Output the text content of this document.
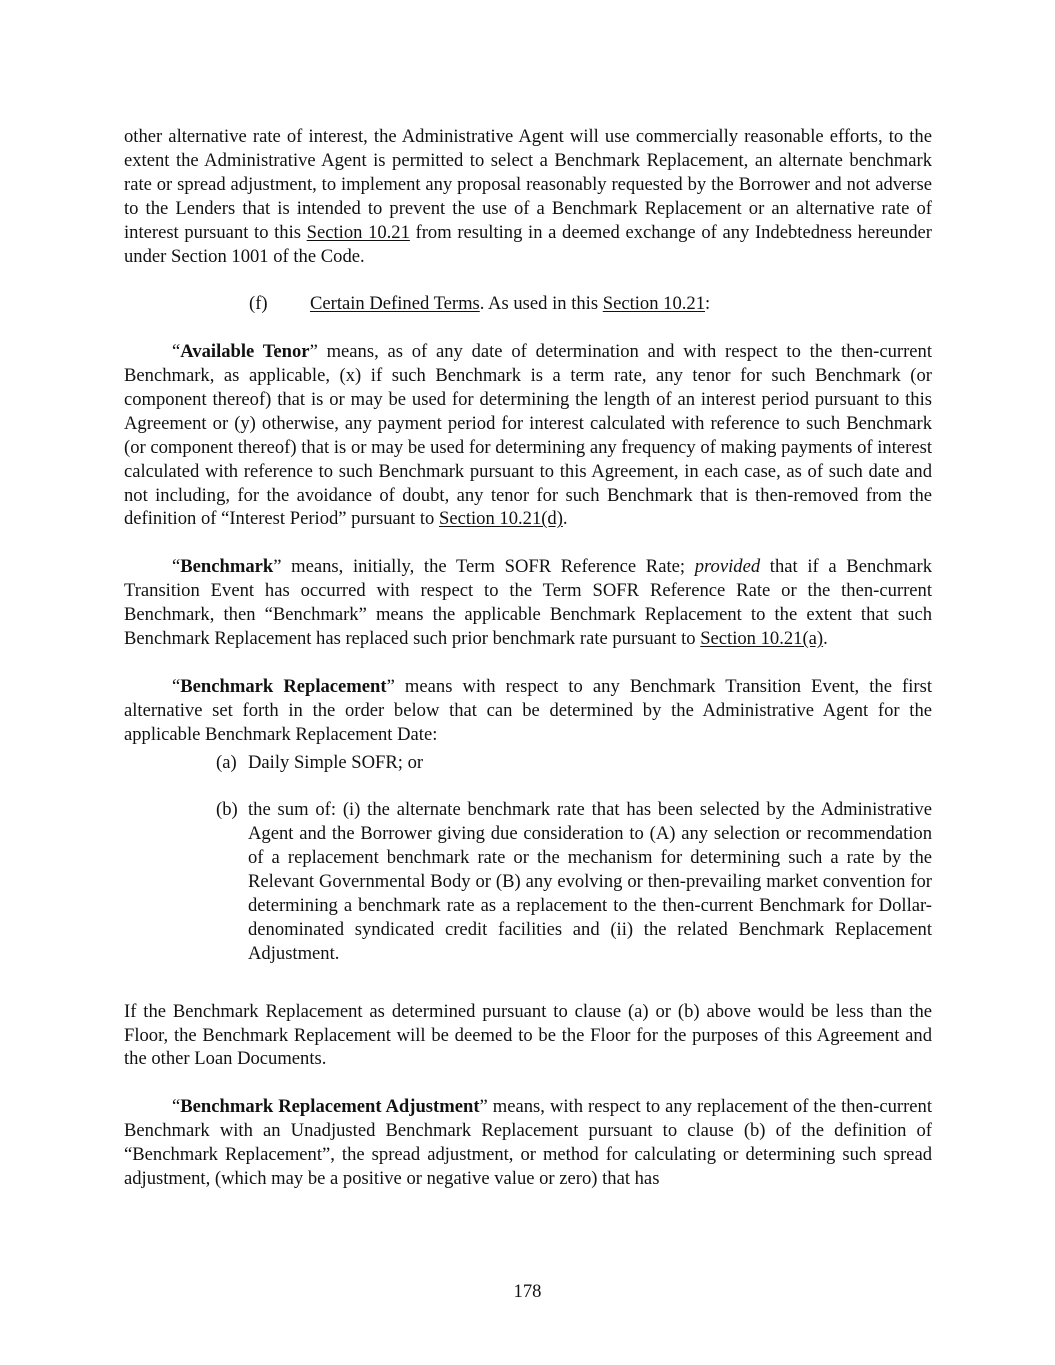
other alternative rate of interest, the Administrative Agent will use commercially reasonable efforts, to the extent the Administrative Agent is permitted to select a Benchmark Replacement, an alternate benchmark rate or spread adjustment, to implement any proposal reasonably requested by the Borrower and not adverse to the Lenders that is intended to prevent the use of a Benchmark Replacement or an alternative rate of interest pursuant to this Section 10.21 from resulting in a deemed exchange of any Indebtedness hereunder under Section 1001 of the Code.

(f) Certain Defined Terms. As used in this Section 10.21:

“Available Tenor” means, as of any date of determination and with respect to the then-current Benchmark, as applicable, (x) if such Benchmark is a term rate, any tenor for such Benchmark (or component thereof) that is or may be used for determining the length of an interest period pursuant to this Agreement or (y) otherwise, any payment period for interest calculated with reference to such Benchmark (or component thereof) that is or may be used for determining any frequency of making payments of interest calculated with reference to such Benchmark pursuant to this Agreement, in each case, as of such date and not including, for the avoidance of doubt, any tenor for such Benchmark that is then-removed from the definition of “Interest Period” pursuant to Section 10.21(d).

“Benchmark” means, initially, the Term SOFR Reference Rate; provided that if a Benchmark Transition Event has occurred with respect to the Term SOFR Reference Rate or the then-current Benchmark, then “Benchmark” means the applicable Benchmark Replacement to the extent that such Benchmark Replacement has replaced such prior benchmark rate pursuant to Section 10.21(a).

“Benchmark Replacement” means with respect to any Benchmark Transition Event, the first alternative set forth in the order below that can be determined by the Administrative Agent for the applicable Benchmark Replacement Date:

(a) Daily Simple SOFR; or
(b) the sum of: (i) the alternate benchmark rate that has been selected by the Administrative Agent and the Borrower giving due consideration to (A) any selection or recommendation of a replacement benchmark rate or the mechanism for determining such a rate by the Relevant Governmental Body or (B) any evolving or then-prevailing market convention for determining a benchmark rate as a replacement to the then-current Benchmark for Dollar-denominated syndicated credit facilities and (ii) the related Benchmark Replacement Adjustment.

If the Benchmark Replacement as determined pursuant to clause (a) or (b) above would be less than the Floor, the Benchmark Replacement will be deemed to be the Floor for the purposes of this Agreement and the other Loan Documents.

“Benchmark Replacement Adjustment” means, with respect to any replacement of the then-current Benchmark with an Unadjusted Benchmark Replacement pursuant to clause (b) of the definition of “Benchmark Replacement”, the spread adjustment, or method for calculating or determining such spread adjustment, (which may be a positive or negative value or zero) that has

178
